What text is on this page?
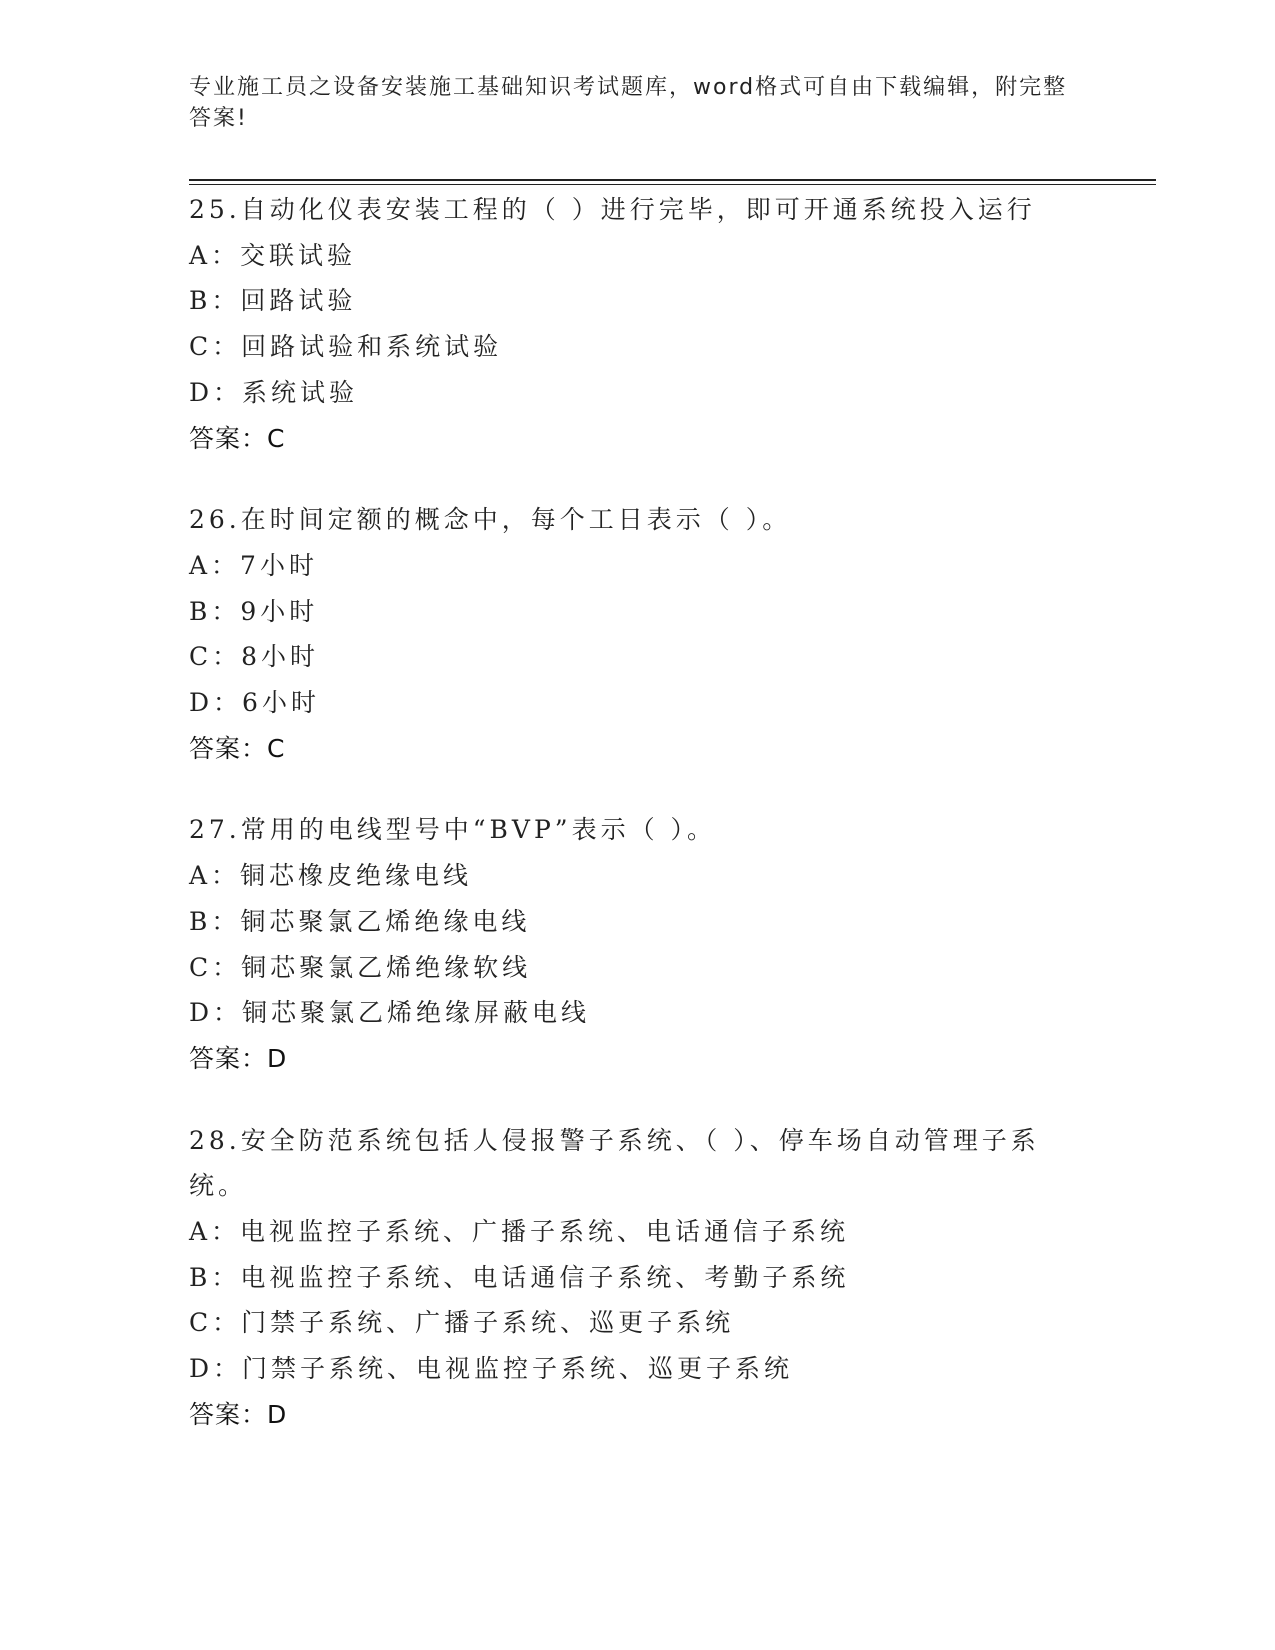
专业施工员之设备安装施工基础知识考试题库，word格式可自由下载编辑，附完整答案!
25.自动化仪表安装工程的（ ）进行完毕，即可开通系统投入运行
A：交联试验
B：回路试验
C：回路试验和系统试验
D：系统试验
答案：C
26.在时间定额的概念中，每个工日表示（ ）。
A：7小时
B：9小时
C：8小时
D：6小时
答案：C
27.常用的电线型号中“BVP”表示（ ）。
A：铜芯橡皮绝缘电线
B：铜芯聚氯乙烯绝缘电线
C：铜芯聚氯乙烯绝缘软线
D：铜芯聚氯乙烯绝缘屏蔽电线
答案：D
28.安全防范系统包括人侵报警子系统、（ ）、停车场自动管理子系统。
A：电视监控子系统、广播子系统、电话通信子系统
B：电视监控子系统、电话通信子系统、考勤子系统
C：门禁子系统、广播子系统、巡更子系统
D：门禁子系统、电视监控子系统、巡更子系统
答案：D
